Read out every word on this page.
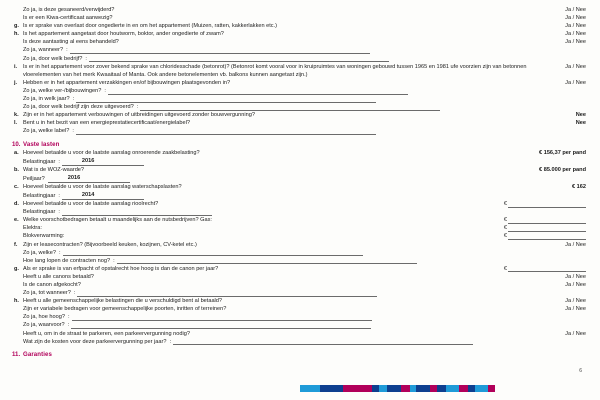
Zo ja, is deze gesaneerd/verwijderd?	Ja / Nee
Is er een Kiwa-certificaat aanwezig?	Ja / Nee
g. Is er sprake van overlast door ongedierte in en om het appartement (Muizen, ratten, kakkerlakken etc.)	Ja / Nee
h. Is het appartement aangetast door houtworm, boktor, ander ongedierte of zwam?	Ja / Nee
Is deze aantasting al eens behandeld?	Ja / Nee
Zo ja, wanneer? :
Zo ja, door welk bedrijf? :
i.	Is er in het appartement voor zover bekend sprake van chloridesschade (betonrot)? (Betonrot komt vooral voor in kruipruimtes van woningen gebouwd tussen 1965 en 1981 ufe voorzien zijn van betonnen vloerelementen van het merk Kwaaitaal of Manta. Ook andere betonelementen vb. balkons kunnen aangetast zijn.)
Ja / Nee
j.	Hebben er in het appartement verzakkingen en/of bijbouwingen plaatsgevonden in?	Ja / Nee
Zo ja, welke ver-/bijbouwingen? :
Zo ja, in welk jaar? :
Zo ja, door welk bedrijf zijn deze uitgevoerd? :
k. Zijn er in het appartement verbouwingen of uitbreidingen uitgevoerd zonder bouwvergunning?	Nee
l.	Bent u in het bezit van een energieprestatiecertificaat/energielabel?	Nee
Zo ja, welke label? :
10. Vaste lasten
a. Hoeveel betaalde u voor de laatste aanslag onroerende zaakbelasting?	€ 156,37 per pand
Belastingjaar :	2016
b. Wat is de WOZ-waarde?	€ 85.000 per pand
Peiljaar?	2016
c. Hoeveel betaalde u voor de laatste aanslag waterschapslasten?	€ 162
Belastingjaar :	2014
d. Hoeveel betaalde u voor de laatste aanslag rioolrecht?	€
Belastingjaar :
e. Welke voorschotbedragen betaalt u maandelijks aan de nutsbedrijven? Gas:	€
Elektra:	€
Blokverwarming:	€
f. Zijn er leasecontracten? (Bijvoorbeeld keuken, kozijnen, CV-ketel etc.)	Ja / Nee
Zo ja, welke? :
Hoe lang lopen de contracten nog? :
g. Als er sprake is van erfpacht of opstalrecht hoe hoog is dan de canon per jaar?	€
Heeft u alle canons betaald?	Ja / Nee
Is de canon afgekocht?	Ja / Nee
Zo ja, tot wanneer? :
h. Heeft u alle gemeenschappelijke belastingen die u verschuldigd bent al betaald?	Ja / Nee
Zijn er variabele bedragen voor gemeenschappelijke poorten, inritten of terreinen?	Ja / Nee
Zo ja, hoe hoog? :
Zo ja, waarvoor? :
Heeft u, om in de straat te parkeren, een parkeervergunning nodig?	Ja / Nee
Wat zijn de kosten voor deze parkeervergunning per jaar? :
11. Garanties
6
